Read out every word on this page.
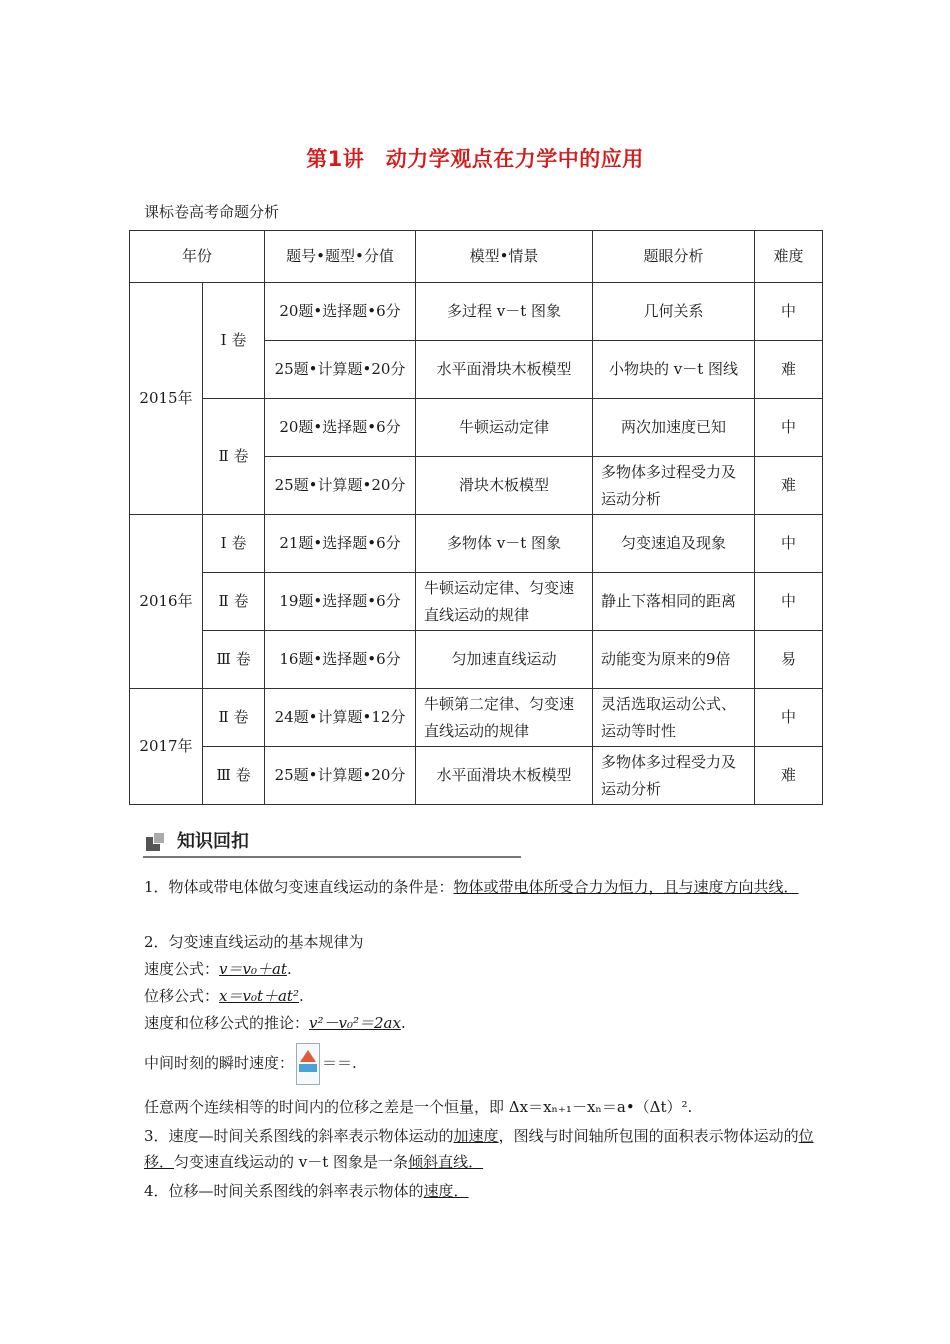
第1讲　动力学观点在力学中的应用
课标卷高考命题分析
年份		题号•题型•分值	模型•情景	题眼分析	难度
2015年	Ⅰ 卷	20题•选择题•6分	多过程 v－t 图象	几何关系	中
		25题•计算题•20分	水平面滑块木板模型	小物块的 v－t 图线	难
	Ⅱ 卷	20题•选择题•6分	牛顿运动定律	两次加速度已知	中
		25题•计算题•20分	滑块木板模型	多物体多过程受力及运动分析	难
2016年	Ⅰ 卷	21题•选择题•6分	多物体 v－t 图象	匀变速追及现象	中
	Ⅱ 卷	19题•选择题•6分	牛顿运动定律、匀变速直线运动的规律	静止下落相同的距离	中
	Ⅲ 卷	16题•选择题•6分	匀加速直线运动	动能变为原来的9倍	易
2017年	Ⅱ 卷	24题•计算题•12分	牛顿第二定律、匀变速直线运动的规律	灵活选取运动公式、运动等时性	中
	Ⅲ 卷	25题•计算题•20分	水平面滑块木板模型	多物体多过程受力及运动分析	难
知识回扣
1．物体或带电体做匀变速直线运动的条件是：物体或带电体所受合力为恒力，且与速度方向共线．
2．匀变速直线运动的基本规律为
速度公式：v＝v₀＋at.
位移公式：x＝v₀t＋at².
速度和位移公式的推论：v²－v₀²＝2ax.
中间时刻的瞬时速度： ＝＝.
任意两个连续相等的时间内的位移之差是一个恒量，即 Δx＝xₙ₊₁－xₙ＝a•（Δt）².
3．速度—时间关系图线的斜率表示物体运动的加速度，图线与时间轴所包围的面积表示物体运动的位移．匀变速直线运动的 v－t 图象是一条倾斜直线．
4．位移—时间关系图线的斜率表示物体的速度．
